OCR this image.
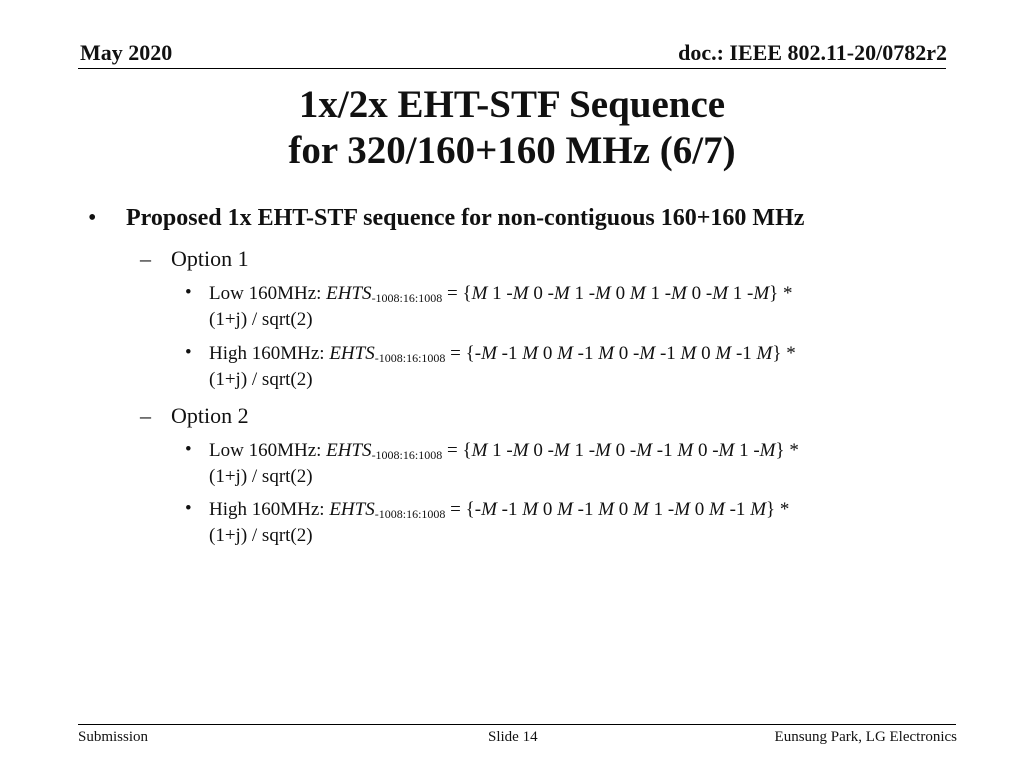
May 2020	doc.: IEEE 802.11-20/0782r2
1x/2x EHT-STF Sequence
for 320/160+160 MHz (6/7)
• Proposed 1x EHT-STF sequence for non-contiguous 160+160 MHz
– Option 1
• Low 160MHz: $EHTS_{-1008:16:1008} = \{M$ 1 -M 0 -M 1 -M 0 M 1 -M 0 -M 1 -M} *
(1+j) / sqrt(2)
• High 160MHz: $EHTS_{-1008:16:1008} = \{-M$ -1 M 0 M -1 M 0 -M -1 M 0 M -1 M} *
(1+j) / sqrt(2)
– Option 2
• Low 160MHz: $EHTS_{-1008:16:1008} = \{M$ 1 -M 0 -M 1 -M 0 -M -1 M 0 -M 1 -M} *
(1+j) / sqrt(2)
• High 160MHz: $EHTS_{-1008:16:1008} = \{-M$ -1 M 0 M -1 M 0 M 1 -M 0 M -1 M} *
(1+j) / sqrt(2)
Submission	Slide 14	Eunsung Park, LG Electronics
